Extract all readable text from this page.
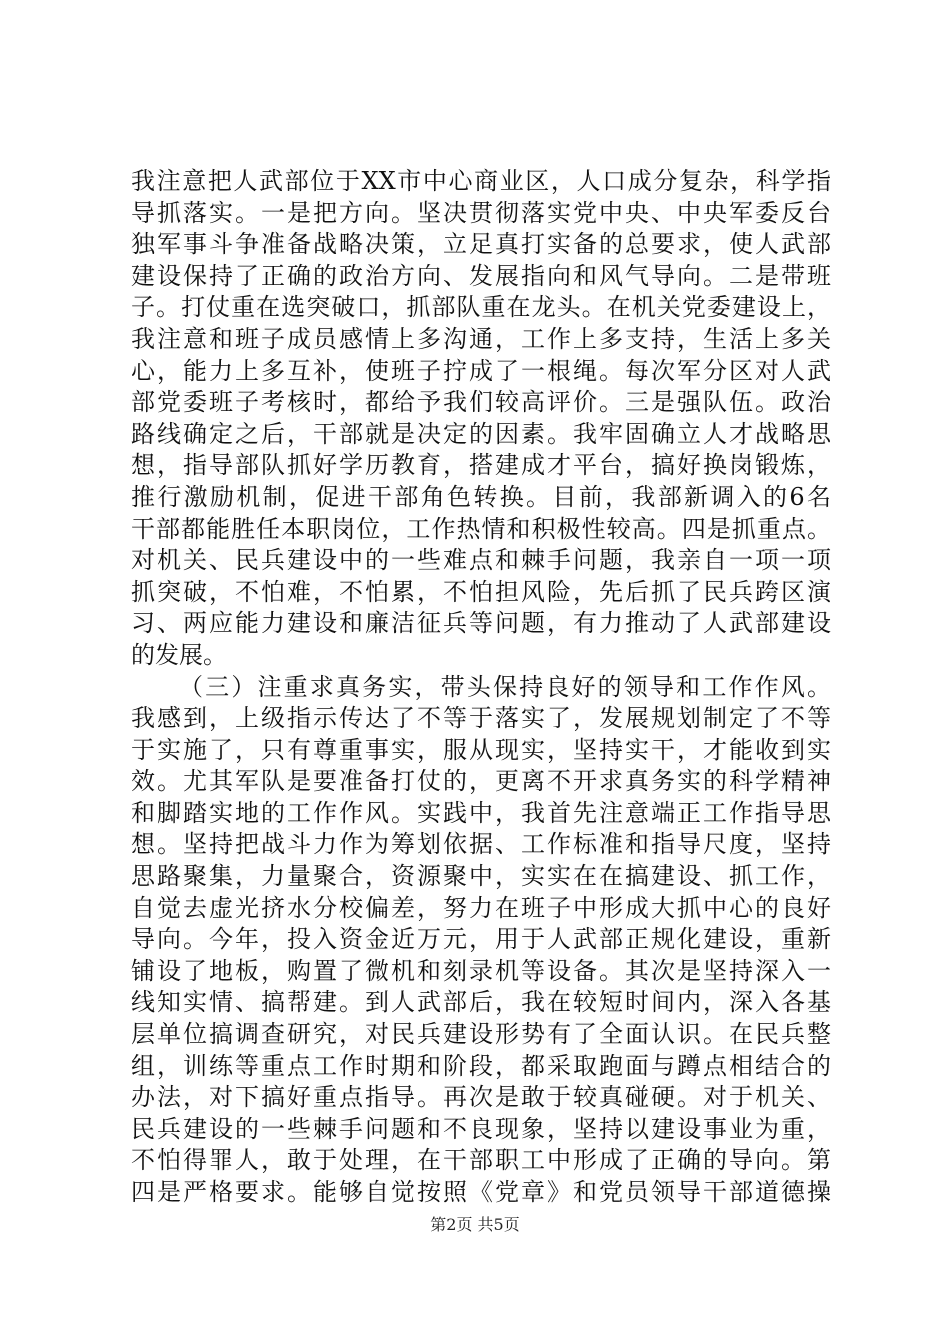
我注意把人武部位于XX市中心商业区，人口成分复杂，科学指
导抓落实。一是把方向。坚决贯彻落实党中央、中央军委反台
独军事斗争准备战略决策，立足真打实备的总要求，使人武部
建设保持了正确的政治方向、发展指向和风气导向。二是带班
子。打仗重在选突破口，抓部队重在龙头。在机关党委建设上，
我注意和班子成员感情上多沟通，工作上多支持，生活上多关
心，能力上多互补，使班子拧成了一根绳。每次军分区对人武
部党委班子考核时，都给予我们较高评价。三是强队伍。政治
路线确定之后，干部就是决定的因素。我牢固确立人才战略思
想，指导部队抓好学历教育，搭建成才平台，搞好换岗锻炼，
推行激励机制，促进干部角色转换。目前，我部新调入的6名
干部都能胜任本职岗位，工作热情和积极性较高。四是抓重点。
对机关、民兵建设中的一些难点和棘手问题，我亲自一项一项
抓突破，不怕难，不怕累，不怕担风险，先后抓了民兵跨区演
习、两应能力建设和廉洁征兵等问题，有力推动了人武部建设
的发展。
（三）注重求真务实，带头保持良好的领导和工作作风。
我感到，上级指示传达了不等于落实了，发展规划制定了不等
于实施了，只有尊重事实，服从现实，坚持实干，才能收到实
效。尤其军队是要准备打仗的，更离不开求真务实的科学精神
和脚踏实地的工作作风。实践中，我首先注意端正工作指导思
想。坚持把战斗力作为筹划依据、工作标准和指导尺度，坚持
思路聚集，力量聚合，资源聚中，实实在在搞建设、抓工作，
自觉去虚光挤水分校偏差，努力在班子中形成大抓中心的良好
导向。今年，投入资金近万元，用于人武部正规化建设，重新
铺设了地板，购置了微机和刻录机等设备。其次是坚持深入一
线知实情、搞帮建。到人武部后，我在较短时间内，深入各基
层单位搞调查研究，对民兵建设形势有了全面认识。在民兵整
组，训练等重点工作时期和阶段，都采取跑面与蹲点相结合的
办法，对下搞好重点指导。再次是敢于较真碰硬。对于机关、
民兵建设的一些棘手问题和不良现象，坚持以建设事业为重，
不怕得罪人，敢于处理，在干部职工中形成了正确的导向。第
四是严格要求。能够自觉按照《党章》和党员领导干部道德操
第2页 共5页
